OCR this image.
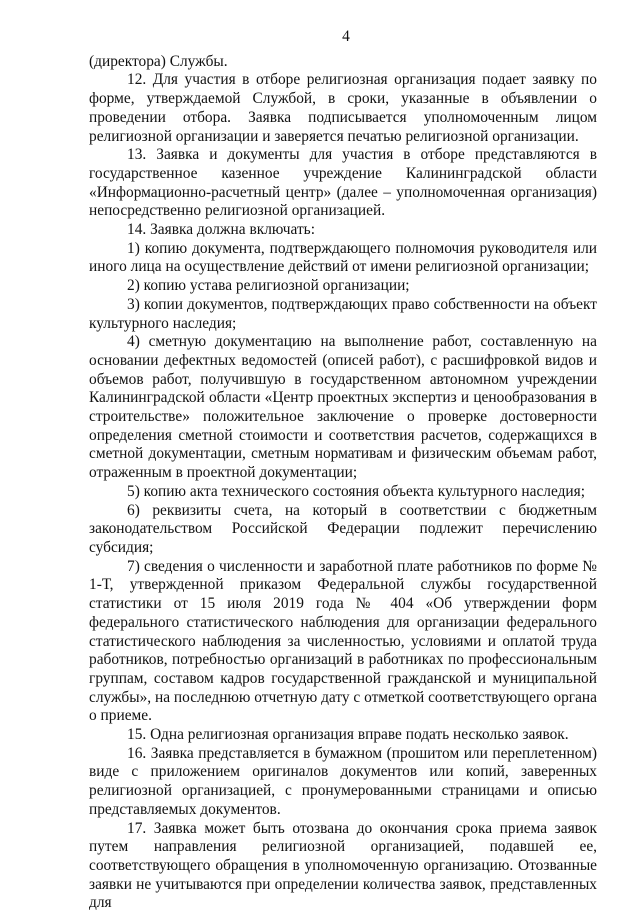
4

(директора) Службы.

12. Для участия в отборе религиозная организация подает заявку по форме, утверждаемой Службой, в сроки, указанные в объявлении о проведении отбора. Заявка подписывается уполномоченным лицом религиозной организации и заверяется печатью религиозной организации.

13. Заявка и документы для участия в отборе представляются в государственное казенное учреждение Калининградской области «Информационно-расчетный центр» (далее – уполномоченная организация) непосредственно религиозной организацией.

14. Заявка должна включать:

1) копию документа, подтверждающего полномочия руководителя или иного лица на осуществление действий от имени религиозной организации;

2) копию устава религиозной организации;

3) копии документов, подтверждающих право собственности на объект культурного наследия;

4) сметную документацию на выполнение работ, составленную на основании дефектных ведомостей (описей работ), с расшифровкой видов и объемов работ, получившую в государственном автономном учреждении Калининградской области «Центр проектных экспертиз и ценообразования в строительстве» положительное заключение о проверке достоверности определения сметной стоимости и соответствия расчетов, содержащихся в сметной документации, сметным нормативам и физическим объемам работ, отраженным в проектной документации;

5) копию акта технического состояния объекта культурного наследия;

6) реквизиты счета, на который в соответствии с бюджетным законодательством Российской Федерации подлежит перечислению субсидия;

7) сведения о численности и заработной плате работников по форме № 1-Т, утвержденной приказом Федеральной службы государственной статистики от 15 июля 2019 года № 404 «Об утверждении форм федерального статистического наблюдения для организации федерального статистического наблюдения за численностью, условиями и оплатой труда работников, потребностью организаций в работниках по профессиональным группам, составом кадров государственной гражданской и муниципальной службы», на последнюю отчетную дату с отметкой соответствующего органа о приеме.

15. Одна религиозная организация вправе подать несколько заявок.

16. Заявка представляется в бумажном (прошитом или переплетенном) виде с приложением оригиналов документов или копий, заверенных религиозной организацией, с пронумерованными страницами и описью представляемых документов.

17. Заявка может быть отозвана до окончания срока приема заявок путем направления религиозной организацией, подавшей ее, соответствующего обращения в уполномоченную организацию. Отозванные заявки не учитываются при определении количества заявок, представленных для
